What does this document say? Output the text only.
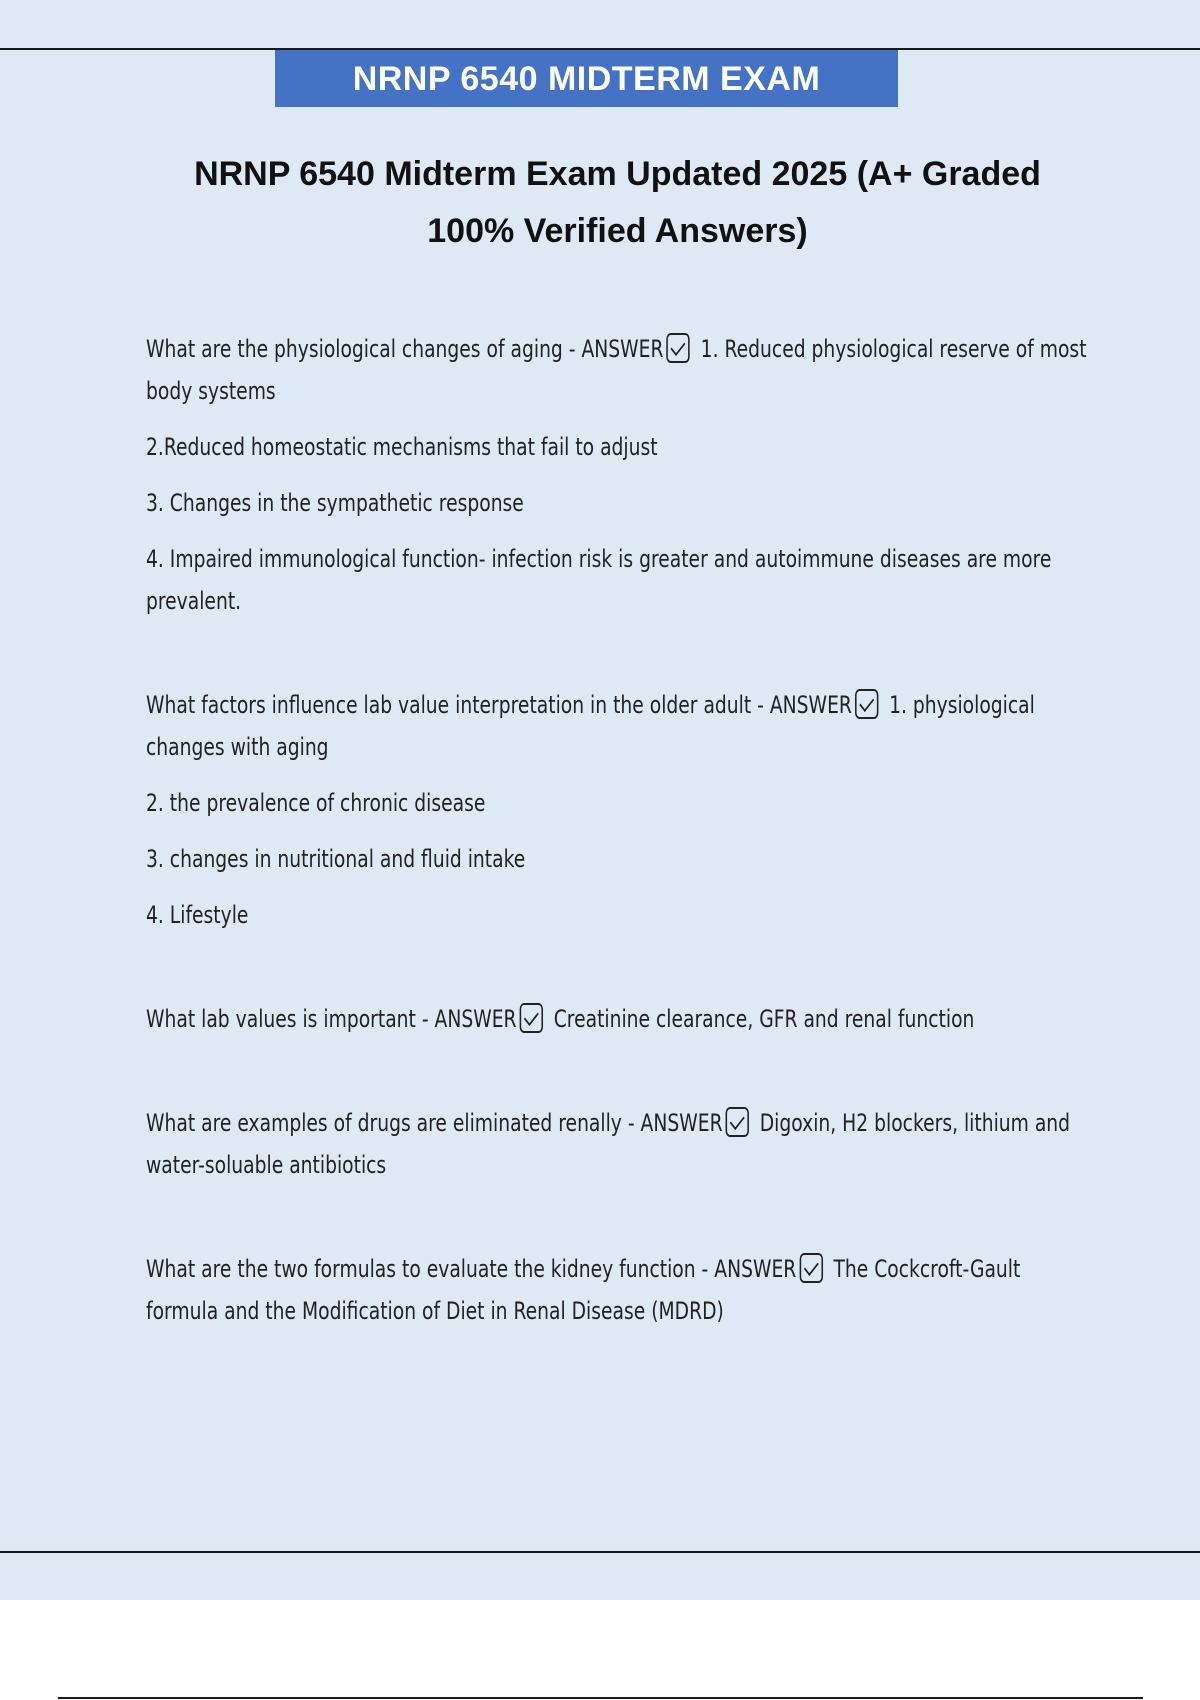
NRNP 6540 MIDTERM EXAM
NRNP 6540 Midterm Exam Updated 2025 (A+ Graded 100% Verified Answers)

What are the physiological changes of aging - ANSWER 1. Reduced physiological reserve of most body systems

2.Reduced homeostatic mechanisms that fail to adjust

3. Changes in the sympathetic response

4. Impaired immunological function- infection risk is greater and autoimmune diseases are more prevalent.

What factors influence lab value interpretation in the older adult - ANSWER 1. physiological changes with aging

2. the prevalence of chronic disease

3. changes in nutritional and fluid intake

4. Lifestyle

What lab values is important - ANSWER Creatinine clearance, GFR and renal function

What are examples of drugs are eliminated renally - ANSWER Digoxin, H2 blockers, lithium and water-soluable antibiotics

What are the two formulas to evaluate the kidney function - ANSWER The Cockcroft-Gault formula and the Modification of Diet in Renal Disease (MDRD)
